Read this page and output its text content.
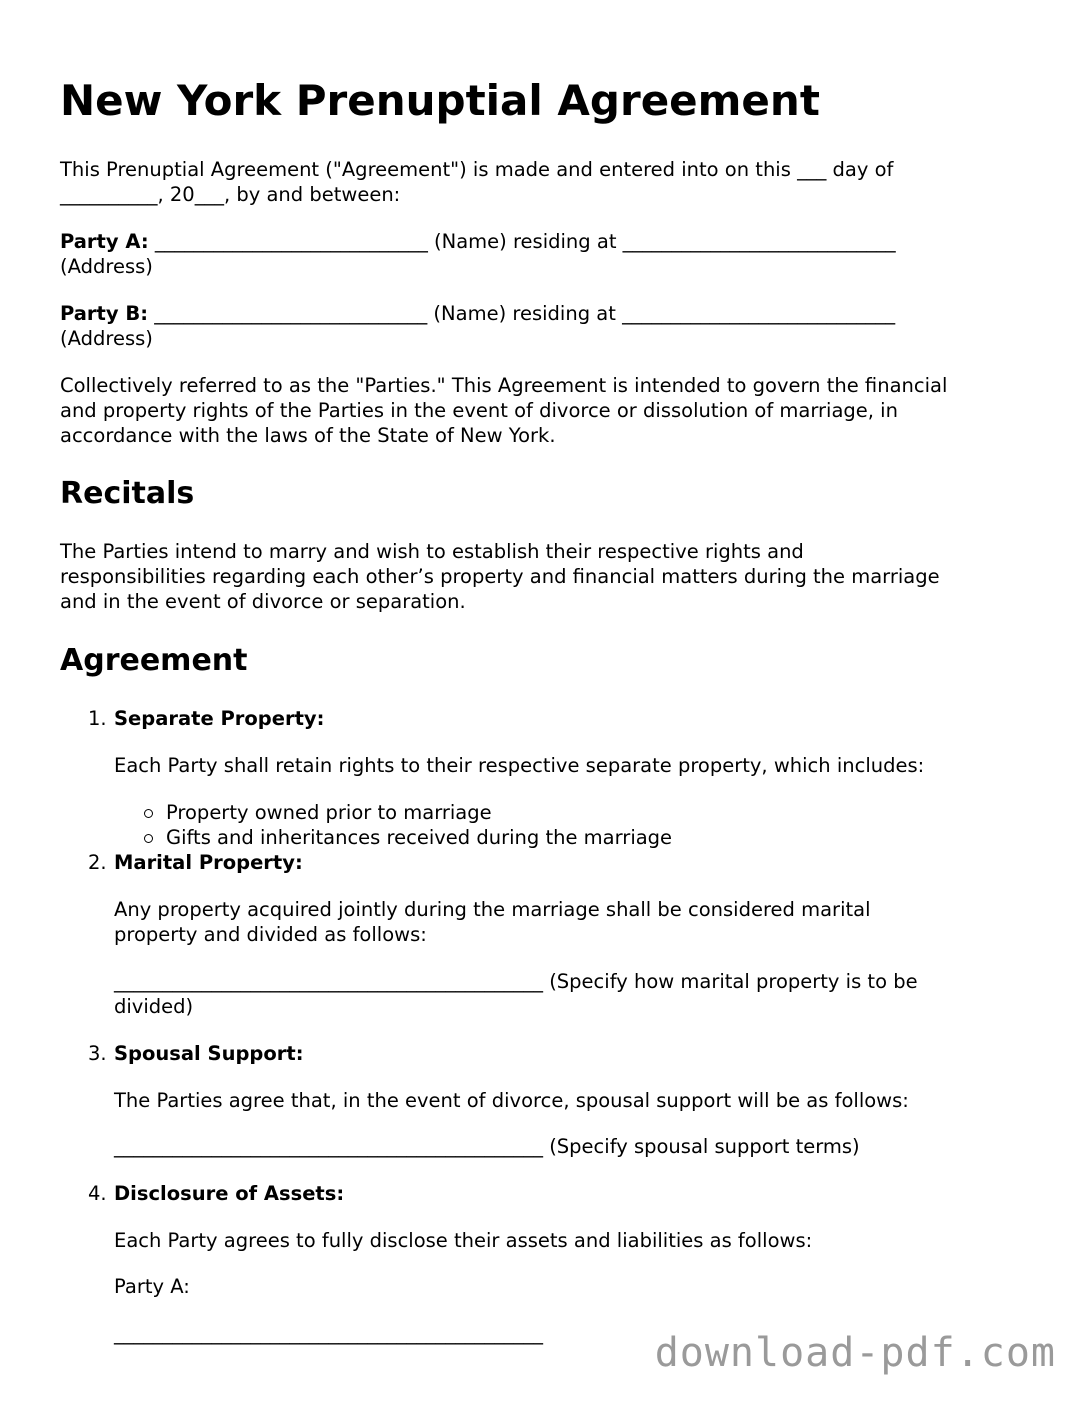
New York Prenuptial Agreement
This Prenuptial Agreement ("Agreement") is made and entered into on this ___ day of
__________, 20___, by and between:
Party A: ____________________________ (Name) residing at ____________________________
(Address)
Party B: ____________________________ (Name) residing at ____________________________
(Address)
Collectively referred to as the "Parties." This Agreement is intended to govern the financial
and property rights of the Parties in the event of divorce or dissolution of marriage, in
accordance with the laws of the State of New York.
Recitals
The Parties intend to marry and wish to establish their respective rights and
responsibilities regarding each other’s property and financial matters during the marriage
and in the event of divorce or separation.
Agreement
1. Separate Property:

Each Party shall retain rights to their respective separate property, which includes:

Property owned prior to marriage
Gifts and inheritances received during the marriage
2. Marital Property:

Any property acquired jointly during the marriage shall be considered marital
property and divided as follows:
____________________________________________ (Specify how marital property is to be
divided)
3. Spousal Support:

The Parties agree that, in the event of divorce, spousal support will be as follows:

____________________________________________ (Specify spousal support terms)

4. Disclosure of Assets:

Each Party agrees to fully disclose their assets and liabilities as follows:

Party A:

____________________________________________	download-pdf.com
